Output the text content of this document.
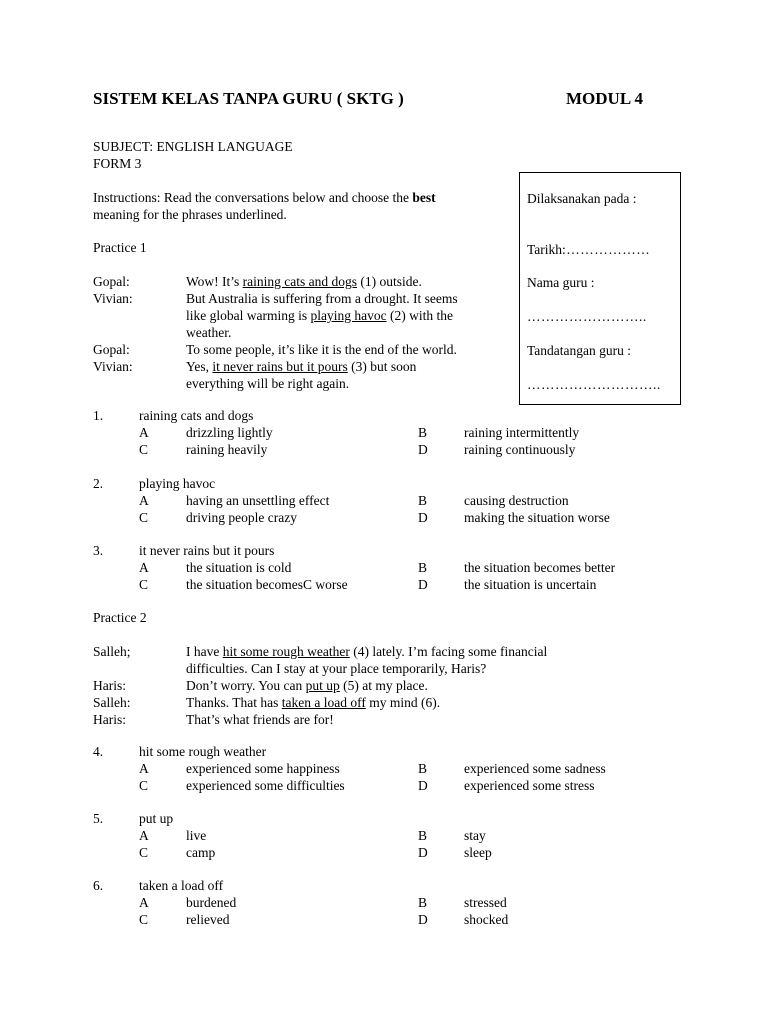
SISTEM KELAS TANPA GURU ( SKTG )	MODUL 4
SUBJECT: ENGLISH LANGUAGE
FORM 3
Instructions: Read the conversations below and choose the best
meaning for the phrases underlined.
Dilaksanakan pada :
Tarikh:………………
Nama guru :
……………………..
Tandatangan guru :
………………………..
Practice 1
Gopal:	Wow! It’s raining cats and dogs (1) outside.
Vivian:	But Australia is suffering from a drought. It seems
like global warming is playing havoc (2) with the
weather.
Gopal:	To some people, it’s like it is the end of the world.
Vivian:	Yes, it never rains but it pours (3) but soon
everything will be right again.
1.	raining cats and dogs
A	drizzling lightly	B	raining intermittently
C	raining heavily	D	raining continuously
2.	playing havoc
A	having an unsettling effect	B	causing destruction
C	driving people crazy	D	making the situation worse
3.	it never rains but it pours
A	the situation is cold	B	the situation becomes better
C	the situation becomesC worse	D	the situation is uncertain
Practice 2
Salleh;	I have hit some rough weather (4) lately. I’m facing some financial
difficulties. Can I stay at your place temporarily, Haris?
Haris:	Don’t worry. You can put up (5) at my place.
Salleh:	Thanks. That has taken a load off my mind (6).
Haris:	That’s what friends are for!
4.	hit some rough weather
A	experienced some happiness	B	experienced some sadness
C	experienced some difficulties	D	experienced some stress
5.	put up
A	live	B	stay
C	camp	D	sleep
6.	taken a load off
A	burdened	B	stressed
C	relieved	D	shocked
